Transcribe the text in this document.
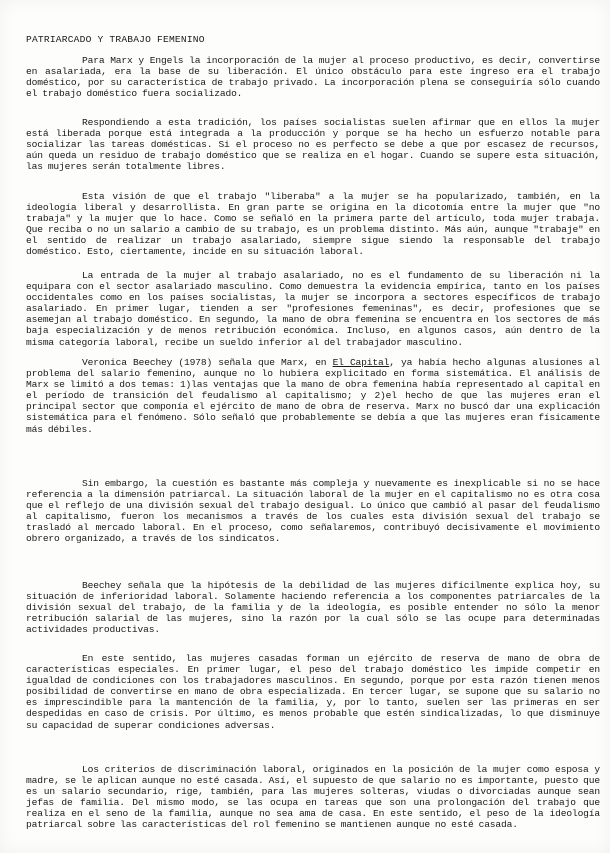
PATRIARCADO Y TRABAJO FEMENINO

Para Marx y Engels la incorporación de la mujer al proceso productivo, es decir, convertirse en asalariada, era la base de su liberación. El único obstáculo para este ingreso era el trabajo doméstico, por su característica de trabajo privado. La incorporación plena se conseguiría sólo cuando el trabajo doméstico fuera socializado.

Respondiendo a esta tradición, los países socialistas suelen afirmar que en ellos la mujer está liberada porque está integrada a la producción y porque se ha hecho un esfuerzo notable para socializar las tareas domésticas. Si el proceso no es perfecto se debe a que por escasez de recursos, aún queda un residuo de trabajo doméstico que se realiza en el hogar. Cuando se supere esta situación, las mujeres serán totalmente libres.

Esta visión de que el trabajo "liberaba" a la mujer se ha popularizado, también, en la ideología liberal y desarrollista. En gran parte se origina en la dicotomía entre la mujer que "no trabaja" y la mujer que lo hace. Como se señaló en la primera parte del artículo, toda mujer trabaja. Que reciba o no un salario a cambio de su trabajo, es un problema distinto. Más aún, aunque "trabaje" en el sentido de realizar un trabajo asalariado, siempre sigue siendo la responsable del trabajo doméstico. Esto, ciertamente, incide en su situación laboral.

La entrada de la mujer al trabajo asalariado, no es el fundamento de su liberación ni la equipara con el sector asalariado masculino. Como demuestra la evidencia empírica, tanto en los países occidentales como en los países socialistas, la mujer se incorpora a sectores específicos de trabajo asalariado. En primer lugar, tienden a ser "profesiones femeninas", es decir, profesiones que se asemejan al trabajo doméstico. En segundo, la mano de obra femenina se encuentra en los sectores de más baja especialización y de menos retribución económica. Incluso, en algunos casos, aún dentro de la misma categoría laboral, recibe un sueldo inferior al del trabajador masculino.

Veronica Beechey (1978) señala que Marx, en El Capital, ya había hecho algunas alusiones al problema del salario femenino, aunque no lo hubiera explicitado en forma sistemática. El análisis de Marx se limitó a dos temas: 1)las ventajas que la mano de obra femenina había representado al capital en el período de transición del feudalismo al capitalismo; y 2)el hecho de que las mujeres eran el principal sector que componía el ejército de mano de obra de reserva. Marx no buscó dar una explicación sistemática para el fenómeno. Sólo señaló que probablemente se debía a que las mujeres eran físicamente más débiles.

Sin embargo, la cuestión es bastante más compleja y nuevamente es inexplicable si no se hace referencia a la dimensión patriarcal. La situación laboral de la mujer en el capitalismo no es otra cosa que el reflejo de una división sexual del trabajo desigual. Lo único que cambió al pasar del feudalismo al capitalismo, fueron los mecanismos a través de los cuales esta división sexual del trabajo se trasladó al mercado laboral. En el proceso, como señalaremos, contribuyó decisivamente el movimiento obrero organizado, a través de los sindicatos.

Beechey señala que la hipótesis de la debilidad de las mujeres difícilmente explica hoy, su situación de inferioridad laboral. Solamente haciendo referencia a los componentes patriarcales de la división sexual del trabajo, de la familia y de la ideología, es posible entender no sólo la menor retribución salarial de las mujeres, sino la razón por la cual sólo se las ocupe para determinadas actividades productivas.

En este sentido, las mujeres casadas forman un ejército de reserva de mano de obra de características especiales. En primer lugar, el peso del trabajo doméstico les impide competir en igualdad de condiciones con los trabajadores masculinos. En segundo, porque por esta razón tienen menos posibilidad de convertirse en mano de obra especializada. En tercer lugar, se supone que su salario no es imprescindible para la mantención de la familia, y, por lo tanto, suelen ser las primeras en ser despedidas en caso de crisis. Por último, es menos probable que estén sindicalizadas, lo que disminuye su capacidad de superar condiciones adversas.

Los criterios de discriminación laboral, originados en la posición de la mujer como esposa y madre, se le aplican aunque no esté casada. Así, el supuesto de que salario no es importante, puesto que es un salario secundario, rige, también, para las mujeres solteras, viudas o divorciadas aunque sean jefas de familia. Del mismo modo, se las ocupa en tareas que son una prolongación del trabajo que realiza en el seno de la familia, aunque no sea ama de casa. En este sentido, el peso de la ideología patriarcal sobre las características del rol femenino se mantienen aunque no esté casada.
